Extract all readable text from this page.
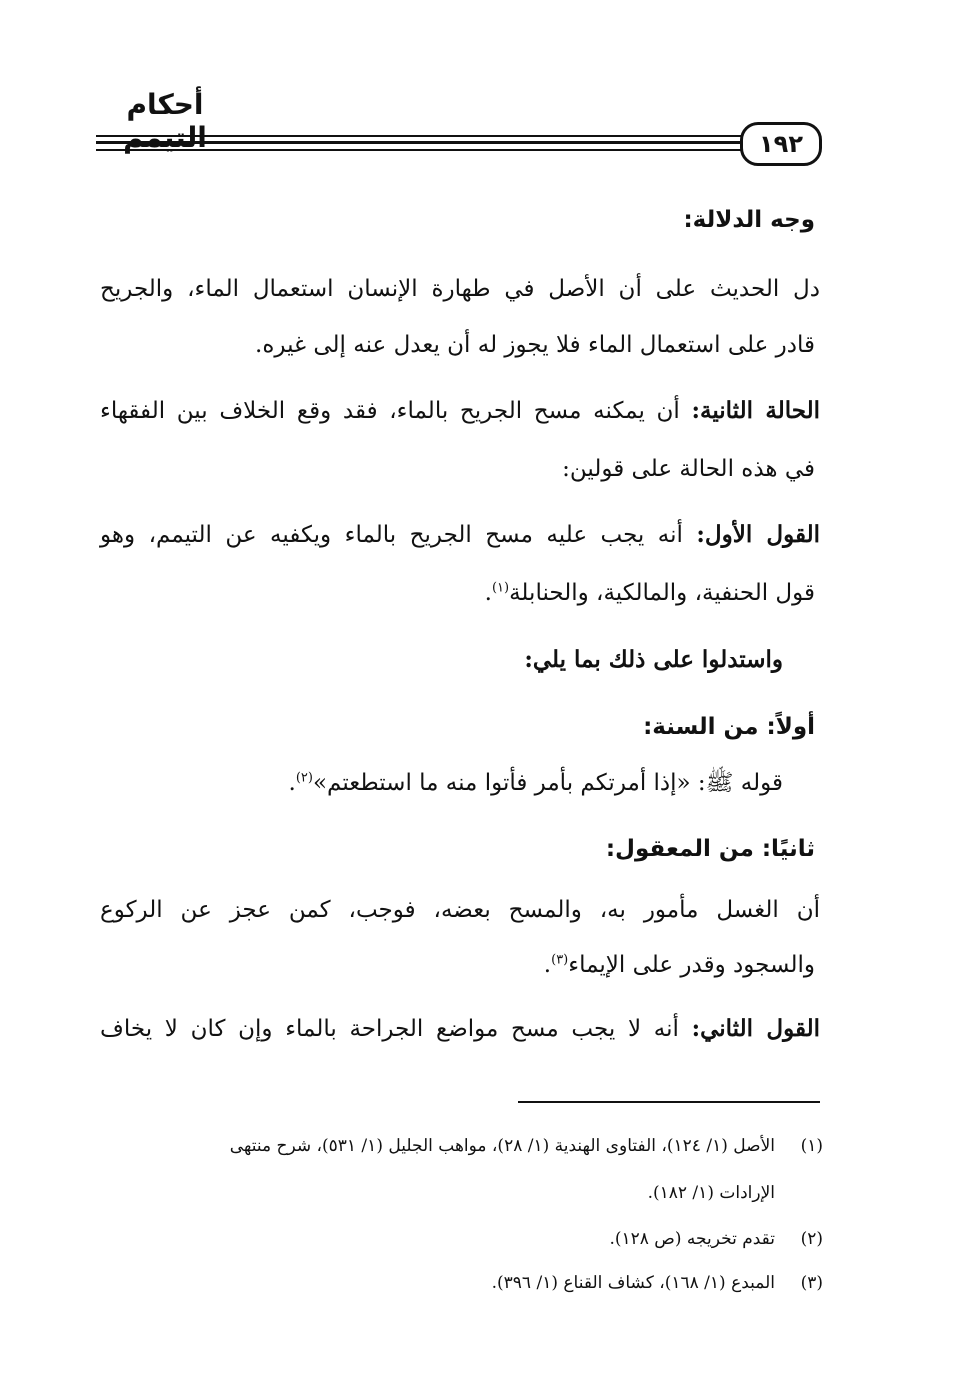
أحكام التيمم	١٩٢
وجه الدلالة:
دل الحديث على أن الأصل في طهارة الإنسان استعمال الماء، والجريح
قادر على استعمال الماء فلا يجوز له أن يعدل عنه إلى غيره.
الحالة الثانية: أن يمكنه مسح الجريح بالماء، فقد وقع الخلاف بين الفقهاء
في هذه الحالة على قولين:
القول الأول: أنه يجب عليه مسح الجريح بالماء ويكفيه عن التيمم، وهو
قول الحنفية، والمالكية، والحنابلة$^{(١)}$.
واستدلوا على ذلك بما يلي:
أولاً: من السنة:
قوله ﷺ: «إذا أمرتكم بأمر فأتوا منه ما استطعتم»$^{(٢)}$.
ثانيًا: من المعقول:
أن الغسل مأمور به، والمسح بعضه، فوجب، كمن عجز عن الركوع
والسجود وقدر على الإيماء$^{(٣)}$.
القول الثاني: أنه لا يجب مسح مواضع الجراحة بالماء وإن كان لا يخاف
(١)الأصل (١/ ١٢٤)، الفتاوى الهندية (١/ ٢٨)، مواهب الجليل (١/ ٥٣١)، شرح منتهى
الإرادات (١/ ١٨٢).
(٢)تقدم تخريجه (ص ١٢٨).
(٣)المبدع (١/ ١٦٨)، كشاف القناع (١/ ٣٩٦).
